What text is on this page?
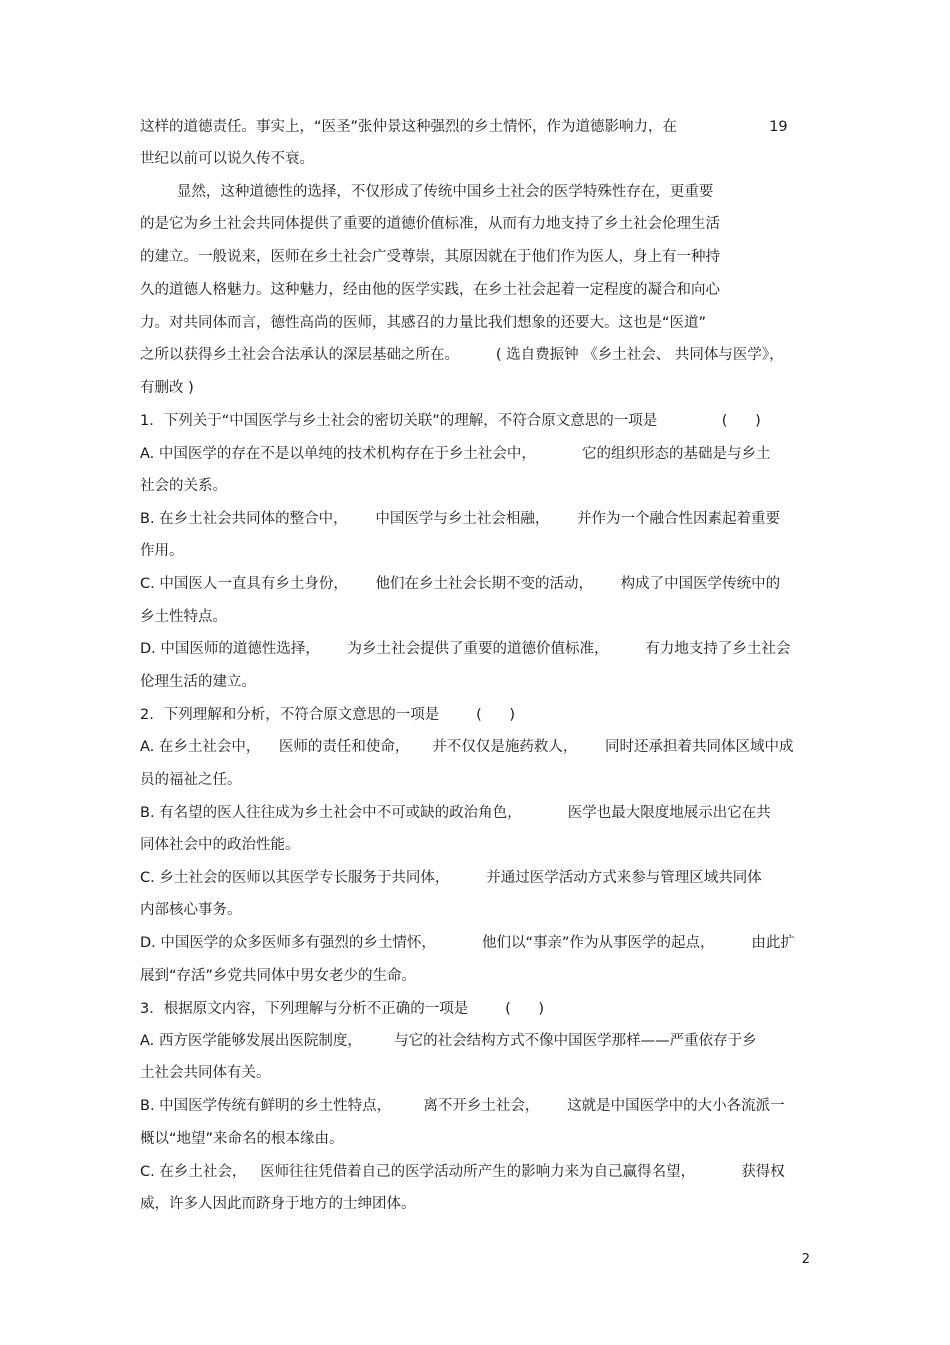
这样的道德责任。事实上，“医圣”张仲景这种强烈的乡土情怀，作为道德影响力，在                    19

世纪以前可以说久传不衰。

显然，这种道德性的选择，不仅形成了传统中国乡土社会的医学特殊性存在，更重要

的是它为乡土社会共同体提供了重要的道德价值标准，从而有力地支持了乡土社会伦理生活

的建立。一般说来，医师在乡土社会广受尊崇，其原因就在于他们作为医人，身上有一种持

久的道德人格魅力。这种魅力，经由他的医学实践，在乡土社会起着一定程度的凝合和向心

力。对共同体而言，德性高尚的医师，其感召的力量比我们想象的还要大。这也是“医道”

之所以获得乡土社会合法承认的深层基础之所在。        ( 选自费振钟 《乡土社会、 共同体与医学》，

有删改 )

1．下列关于“中国医学与乡土社会的密切关联”的理解，不符合原文意思的一项是              (      )

A. 中国医学的存在不是以单纯的技术机构存在于乡土社会中，          它的组织形态的基础是与乡土

社会的关系。

B. 在乡土社会共同体的整合中，      中国医学与乡土社会相融，      并作为一个融合性因素起着重要

作用。

C. 中国医人一直具有乡土身份，      他们在乡土社会长期不变的活动，      构成了中国医学传统中的

乡土性特点。

D. 中国医师的道德性选择，      为乡土社会提供了重要的道德价值标准，        有力地支持了乡土社会

伦理生活的建立。

2．下列理解和分析，不符合原文意思的一项是        (      )

A. 在乡土社会中，    医师的责任和使命，     并不仅仅是施药救人，      同时还承担着共同体区域中成

员的福祉之任。

B. 有名望的医人往往成为乡土社会中不可或缺的政治角色，          医学也最大限度地展示出它在共

同体社会中的政治性能。

C. 乡土社会的医师以其医学专长服务于共同体，        并通过医学活动方式来参与管理区域共同体

内部核心事务。

D. 中国医学的众多医师多有强烈的乡土情怀，          他们以“事亲”作为从事医学的起点，        由此扩

展到“存活”乡党共同体中男女老少的生命。

3．根据原文内容，下列理解与分析不正确的一项是        (      )

A. 西方医学能够发展出医院制度，       与它的社会结构方式不像中国医学那样——严重依存于乡

土社会共同体有关。

B. 中国医学传统有鲜明的乡土性特点，       离不开乡土社会，      这就是中国医学中的大小各流派一

概以“地望”来命名的根本缘由。

C. 在乡土社会，   医师往往凭借着自己的医学活动所产生的影响力来为自己赢得名望，          获得权

威，许多人因此而跻身于地方的士绅团体。

2
